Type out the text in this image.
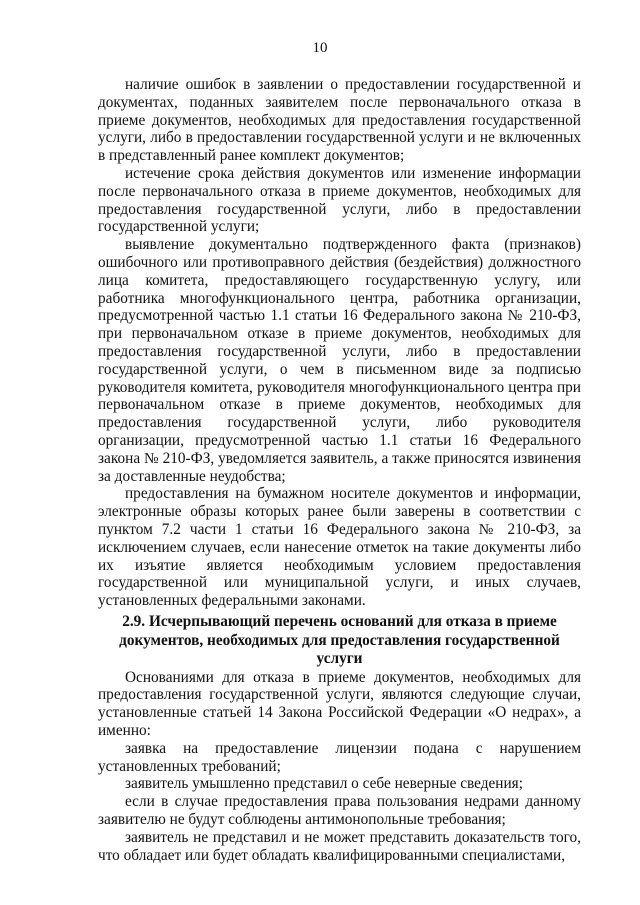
10

наличие ошибок в заявлении о предоставлении государственной и документах, поданных заявителем после первоначального отказа в приеме документов, необходимых для предоставления государственной услуги, либо в предоставлении государственной услуги и не включенных в представленный ранее комплект документов;

истечение срока действия документов или изменение информации после первоначального отказа в приеме документов, необходимых для предоставления государственной услуги, либо в предоставлении государственной услуги;

выявление документально подтвержденного факта (признаков) ошибочного или противоправного действия (бездействия) должностного лица комитета, предоставляющего государственную услугу, или работника многофункционального центра, работника организации, предусмотренной частью 1.1 статьи 16 Федерального закона № 210-ФЗ, при первоначальном отказе в приеме документов, необходимых для предоставления государственной услуги, либо в предоставлении государственной услуги, о чем в письменном виде за подписью руководителя комитета, руководителя многофункционального центра при первоначальном отказе в приеме документов, необходимых для предоставления государственной услуги, либо руководителя организации, предусмотренной частью 1.1 статьи 16 Федерального закона № 210-ФЗ, уведомляется заявитель, а также приносятся извинения за доставленные неудобства;

предоставления на бумажном носителе документов и информации, электронные образы которых ранее были заверены в соответствии с пунктом 7.2 части 1 статьи 16 Федерального закона № 210-ФЗ, за исключением случаев, если нанесение отметок на такие документы либо их изъятие является необходимым условием предоставления государственной или муниципальной услуги, и иных случаев, установленных федеральными законами.

2.9. Исчерпывающий перечень оснований для отказа в приеме документов, необходимых для предоставления государственной услуги

Основаниями для отказа в приеме документов, необходимых для предоставления государственной услуги, являются следующие случаи, установленные статьей 14 Закона Российской Федерации «О недрах», а именно:

заявка на предоставление лицензии подана с нарушением установленных требований;

заявитель умышленно представил о себе неверные сведения;

если в случае предоставления права пользования недрами данному заявителю не будут соблюдены антимонопольные требования;

заявитель не представил и не может представить доказательств того, что обладает или будет обладать квалифицированными специалистами,
